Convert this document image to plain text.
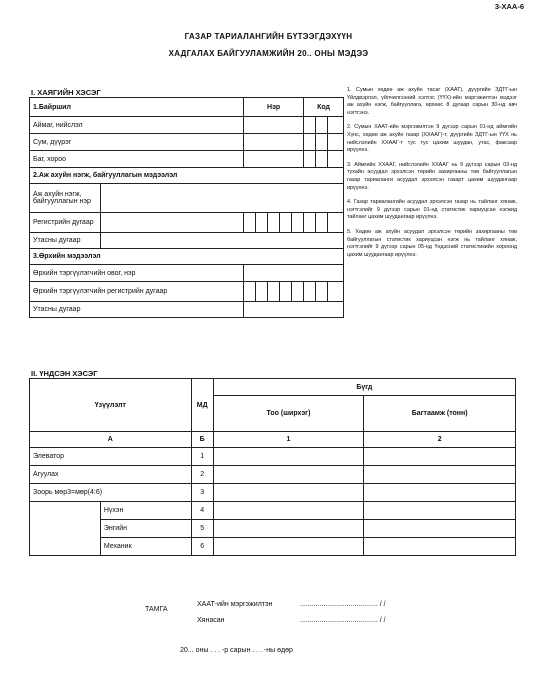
3-ХАА-6
ГАЗАР ТАРИАЛАНГИЙН БҮТЭЭГДЭХҮҮН
ХАДГАЛАХ БАЙГУУЛАМЖИЙН 20.. ОНЫ МЭДЭЭ
I. ХАЯГИЙН ХЭСЭГ
1.Байршил		Нэр					Код		
Аймаг, нийслэл									
Сум, дүүрэг									
Баг, хороо									
2.Аж ахуйн нэгж, байгууллагын мэдээлэл									
Аж ахуйн нэгж, байгууллагын нэр									
Регистрийн дугаар									
Утасны дугаар									
3.Өрхийн мэдээлэл									
Өрхийн тэргүүлэгчийн овог, нэр									
Өрхийн тэргүүлэгчийн регистрийн дугаар									
Утасны дугаар									

1. Сумын хөдөө аж ахуйн тасаг (ХААТ), дүүргийн ЗДТГ-ын Үйлдвэрлэл, үйлчилгээний хэлтэс (ҮҮХ)-ийн мэргэжилтэн мэдээг аж ахуйн нэгж, байгууллага, өрхөөс 8 дугаар сарын 30-нд авч нэгтгэнэ.

2. Сумын ХААТ-ийн мэргэжилтэн 9 дүгээр сарын 01-нд аймгийн Хүнс, хөдөө аж ахуйн газар (ХХААГ)-т, дүүргийн ЗДТГ-ын ҮҮХ нь нийслэлийн ХХААГ-т тус тус цахим шуудан, утас, факсаар ирүүлнэ.

3. Аймгийн ХХААГ, нийслэлийн ХХААГ нь 9 дүгээр сарын 03-нд тухайн асуудал эрхэлсэн төрийн захиргааны төв байгууллагын газар тариаланги асуудал эрхэлсэн газарт цахим шуудангаар ирүүлнэ.

4. Газар тариалангийн асуудал эрхэлсэн газар нь тайланг хянаж, нэгтгэлийг 9 дүгээр сарын 01-нд статистик хариуцсан нэгжид тайланг цахим шуудангаар ирүүлнэ.

5. Хөдөө аж ахуйн асуудал эрхэлсэн төрийн захиргааны төв байгууллагын статистик хариуцсан нэгж нь тайланг хянаж, нэгтгэлийг 9 дүгээр сарын 05-нд Үндэсний статистикийн хороонд цахим шуудангаар ирүүлнэ.

II. ҮНДСЭН ХЭСЭГ
Үзүүлэлт		МД	Бүгд	
			Тоо (ширхэг)	Багтаамж (тонн)
А		Б	1	2
Элеватор		1		
Агуулах		2		
Зоорь мөр3=мөр(4:6)		3		
	Нүхэн	4		
	Энгийн	5		
	Механик	6		
ТАМГА
ХААТ-ийн мэргэжилтэн	........................................ / /
Хянасан	........................................ / /
20... оны . . . -р сарын . . . -ны өдөр
